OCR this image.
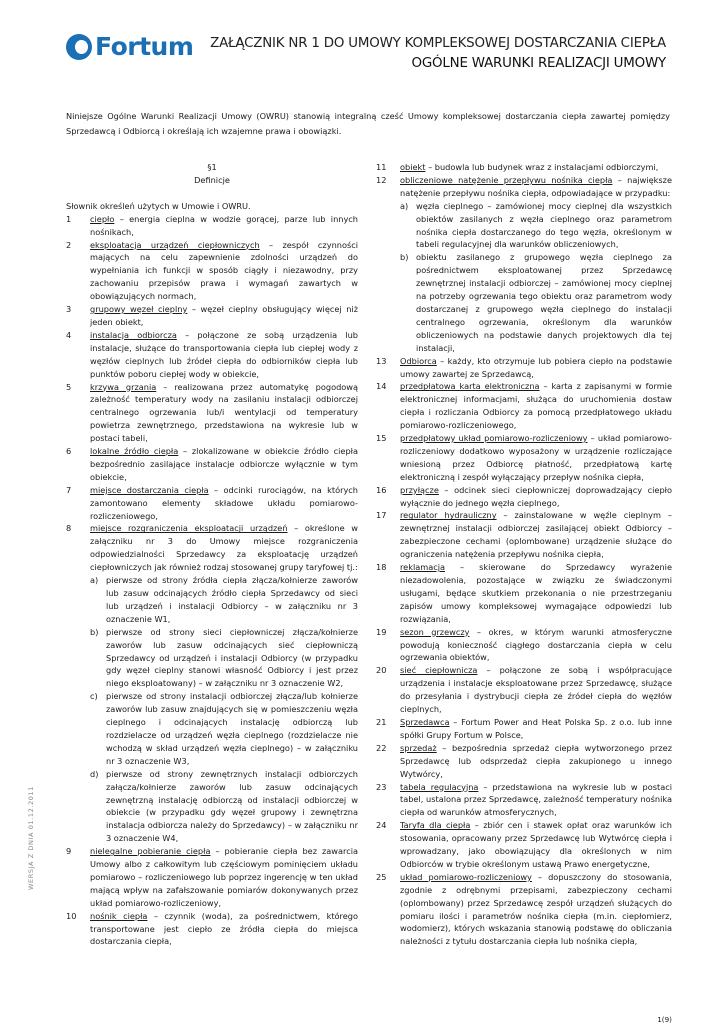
Fortum ZAŁĄCZNIK NR 1 DO UMOWY KOMPLEKSOWEJ DOSTARCZANIA CIEPŁA
OGÓLNE WARUNKI REALIZACJI UMOWY
Niniejsze Ogólne Warunki Realizacji Umowy (OWRU) stanowią integralną cześć Umowy kompleksowej dostarczania ciepła zawartej pomiędzy Sprzedawcą i Odbiorcą i określają ich wzajemne prawa i obowiązki.
§1
Definicje
Słownik określeń użytych w Umowie i OWRU.
1	ciepło – energia cieplna w wodzie gorącej, parze lub innych nośnikach,
2	eksploatacja urządzeń ciepłowniczych – zespół czynności mających na celu zapewnienie zdolności urządzeń do wypełniania ich funkcji w sposób ciągły i niezawodny, przy zachowaniu przepisów prawa i wymagań zawartych w obowiązujących normach,
3	grupowy węzeł cieplny – węzeł cieplny obsługujący więcej niż jeden obiekt,
4	instalacja odbiorcza – połączone ze sobą urządzenia lub instalacje, służące do transportowania ciepła lub ciepłej wody z węzłów cieplnych lub źródeł ciepła do odbiorników ciepła lub punktów poboru ciepłej wody w obiekcie,
5	krzywa grzania – realizowana przez automatykę pogodową zależność temperatury wody na zasilaniu instalacji odbiorczej centralnego ogrzewania lub/i wentylacji od temperatury powietrza zewnętrznego, przedstawiona na wykresie lub w postaci tabeli,
6	lokalne źródło ciepła – zlokalizowane w obiekcie źródło ciepła bezpośrednio zasilające instalacje odbiorcze wyłącznie w tym obiekcie,
7	miejsce dostarczania ciepła – odcinki rurociągów, na których zamontowano elementy składowe układu pomiarowo-rozliczeniowego,
8	miejsce rozgraniczenia eksploatacji urządzeń – określone w załączniku nr 3 do Umowy miejsce rozgraniczenia odpowiedzialności Sprzedawcy za eksploatację urządzeń ciepłowniczych jak również rodzaj stosowanej grupy taryfowej tj.:
a) pierwsze od strony źródła ciepła złącza/kołnierze zaworów lub zasuw odcinających źródło ciepła Sprzedawcy od sieci lub urządzeń i instalacji Odbiorcy – w załączniku nr 3 oznaczenie W1,
b) pierwsze od strony sieci ciepłowniczej złącza/kołnierze zaworów lub zasuw odcinających sieć ciepłowniczą Sprzedawcy od urządzeń i instalacji Odbiorcy (w przypadku gdy węzeł cieplny stanowi własność Odbiorcy i jest przez niego eksploatowany) – w załączniku nr 3 oznaczenie W2,
c)	pierwsze od strony instalacji odbiorczej złącza/lub kołnierze zaworów lub zasuw znajdujących się w pomieszczeniu węzła cieplnego i odcinających instalację odbiorczą lub rozdzielacze od urządzeń węzła cieplnego (rozdzielacze nie wchodzą w skład urządzeń węzła cieplnego) – w załączniku nr 3 oznaczenie W3,
d) pierwsze od strony zewnętrznych instalacji odbiorczych załącza/kołnierze zaworów lub zasuw odcinających zewnętrzną instalację odbiorczą od instalacji odbiorczej w obiekcie (w przypadku gdy węzeł grupowy i zewnętrzna instalacja odbiorcza należy do Sprzedawcy) – w załączniku nr 3 oznaczenie W4,
9	nielegalne pobieranie ciepła – pobieranie ciepła bez zawarcia Umowy albo z całkowitym lub częściowym pominięciem układu pomiarowo – rozliczeniowego lub poprzez ingerencję w ten układ mającą wpływ na zafałszowanie pomiarów dokonywanych przez układ pomiarowo-rozliczeniowy,
10	nośnik ciepła – czynnik (woda), za pośrednictwem, którego transportowane jest ciepło ze źródła ciepła do miejsca dostarczania ciepła,
11	obiekt – budowla lub budynek wraz z instalacjami odbiorczymi,
12	obliczeniowe natężenie przepływu nośnika ciepła – największe natężenie przepływu nośnika ciepła, odpowiadające w przypadku:
a) węzła cieplnego – zamówionej mocy cieplnej dla wszystkich obiektów zasilanych z węzła cieplnego oraz parametrom nośnika ciepła dostarczanego do tego węzła, określonym w tabeli regulacyjnej dla warunków obliczeniowych,
b) obiektu zasilanego z grupowego węzła cieplnego za pośrednictwem eksploatowanej przez Sprzedawcę zewnętrznej instalacji odbiorczej – zamówionej mocy cieplnej na potrzeby ogrzewania tego obiektu oraz parametrom wody dostarczanej z grupowego węzła cieplnego do instalacji centralnego ogrzewania, określonym dla warunków obliczeniowych na podstawie danych projektowych dla tej instalacji,
13	Odbiorca – każdy, kto otrzymuje lub pobiera ciepło na podstawie umowy zawartej ze Sprzedawcą,
14	przedpłatowa karta elektroniczna – karta z zapisanymi w formie elektronicznej informacjami, służąca do uruchomienia dostaw ciepła i rozliczania Odbiorcy za pomocą przedpłatowego układu pomiarowo-rozliczeniowego,
15	przedpłatowy układ pomiarowo-rozliczeniowy – układ pomiarowo-rozliczeniowy dodatkowo wyposażony w urządzenie rozliczające wniesioną przez Odbiorcę płatność, przedpłatową kartę elektroniczną i zespół wyłączający przepływ nośnika ciepła,
16	przyłącze – odcinek sieci ciepłowniczej doprowadzający ciepło wyłącznie do jednego węzła cieplnego,
17	regulator hydrauliczny – zainstalowane w węźle cieplnym – zewnętrznej instalacji odbiorczej zasilającej obiekt Odbiorcy – zabezpieczone cechami (oplombowane) urządzenie służące do ograniczenia natężenia przepływu nośnika ciepła,
18	reklamacja – skierowane do Sprzedawcy wyrażenie niezadowolenia, pozostające w związku ze świadczonymi usługami, będące skutkiem przekonania o nie przestrzeganiu zapisów umowy kompleksowej wymagające odpowiedzi lub rozwiązania,
19	sezon grzewczy – okres, w którym warunki atmosferyczne powodują konieczność ciągłego dostarczania ciepła w celu ogrzewania obiektów,
20	sieć ciepłownicza – połączone ze sobą i współpracujące urządzenia i instalacje eksploatowane przez Sprzedawcę, służące do przesyłania i dystrybucji ciepła ze źródeł ciepła do węzłów cieplnych,
21	Sprzedawca – Fortum Power and Heat Polska Sp. z o.o. lub inne spółki Grupy Fortum w Polsce,
22	sprzedaż – bezpośrednia sprzedaż ciepła wytworzonego przez Sprzedawcę lub odsprzedaż ciepła zakupionego u innego Wytwórcy,
23	tabela regulacyjna – przedstawiona na wykresie lub w postaci tabel, ustalona przez Sprzedawcę, zależność temperatury nośnika ciepła od warunków atmosferycznych,
24	Taryfa dla ciepła – zbiór cen i stawek opłat oraz warunków ich stosowania, opracowany przez Sprzedawcę lub Wytwórcę ciepła i wprowadzany, jako obowiązujący dla określonych w nim Odbiorców w trybie określonym ustawą Prawo energetyczne,
25	układ pomiarowo-rozliczeniowy – dopuszczony do stosowania, zgodnie z odrębnymi przepisami, zabezpieczony cechami (oplombowany) przez Sprzedawcę zespół urządzeń służących do pomiaru ilości i parametrów nośnika ciepła (m.in. ciepłomierz, wodomierz), których wskazania stanowią podstawę do obliczania należności z tytułu dostarczania ciepła lub nośnika ciepła,
WERSJA Z DNIA 01.12.2011
1(9)
